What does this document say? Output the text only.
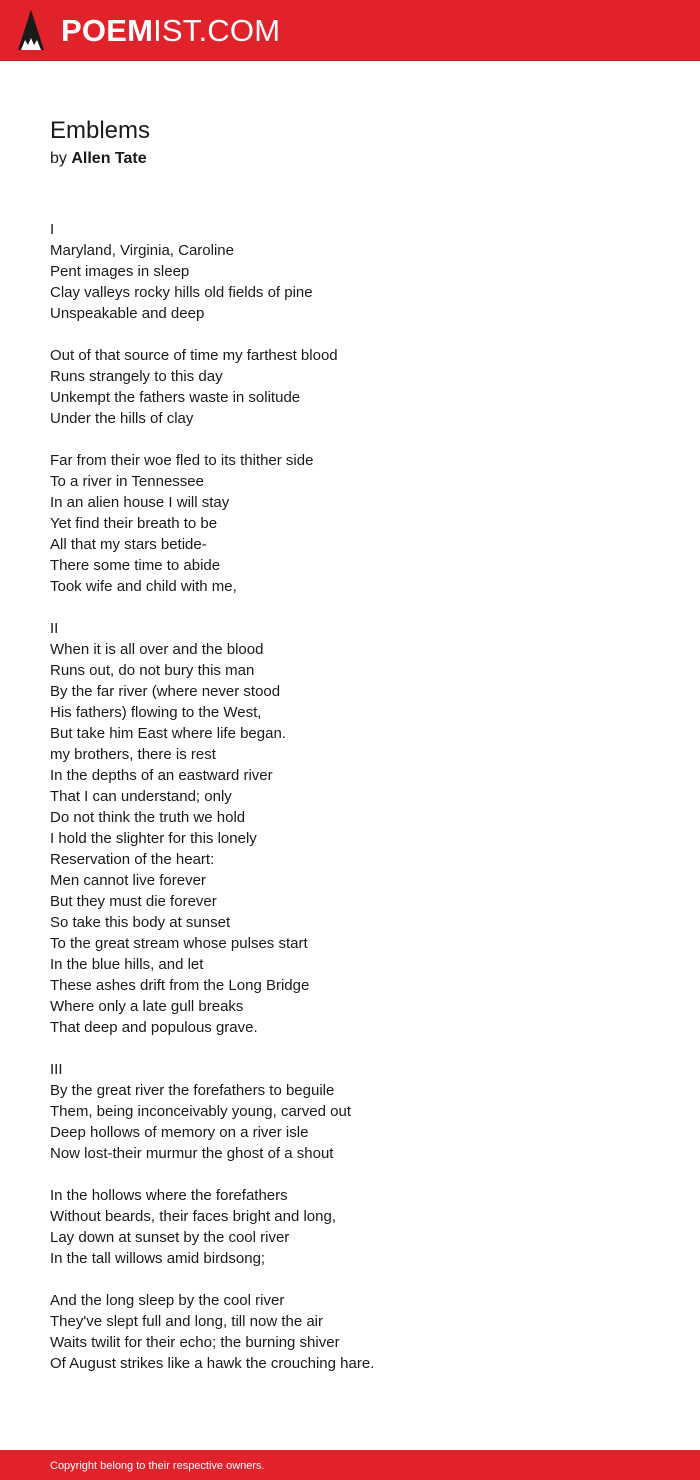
POEMIST.COM
Emblems
by Allen Tate
I
Maryland, Virginia, Caroline
Pent images in sleep
Clay valleys rocky hills old fields of pine
Unspeakable and deep
Out of that source of time my farthest blood
Runs strangely to this day
Unkempt the fathers waste in solitude
Under the hills of clay
Far from their woe fled to its thither side
To a river in Tennessee
In an alien house I will stay
Yet find their breath to be
All that my stars betide-
There some time to abide
Took wife and child with me,
II
When it is all over and the blood
Runs out, do not bury this man
By the far river (where never stood
His fathers) flowing to the West,
But take him East where life began.
my brothers, there is rest
In the depths of an eastward river
That I can understand; only
Do not think the truth we hold
I hold the slighter for this lonely
Reservation of the heart:
Men cannot live forever
But they must die forever
So take this body at sunset
To the great stream whose pulses start
In the blue hills, and let
These ashes drift from the Long Bridge
Where only a late gull breaks
That deep and populous grave.
III
By the great river the forefathers to beguile
Them, being inconceivably young, carved out
Deep hollows of memory on a river isle
Now lost-their murmur the ghost of a shout
In the hollows where the forefathers
Without beards, their faces bright and long,
Lay down at sunset by the cool river
In the tall willows amid birdsong;
And the long sleep by the cool river
They've slept full and long, till now the air
Waits twilit for their echo; the burning shiver
Of August strikes like a hawk the crouching hare.
Copyright belong to their respective owners.
